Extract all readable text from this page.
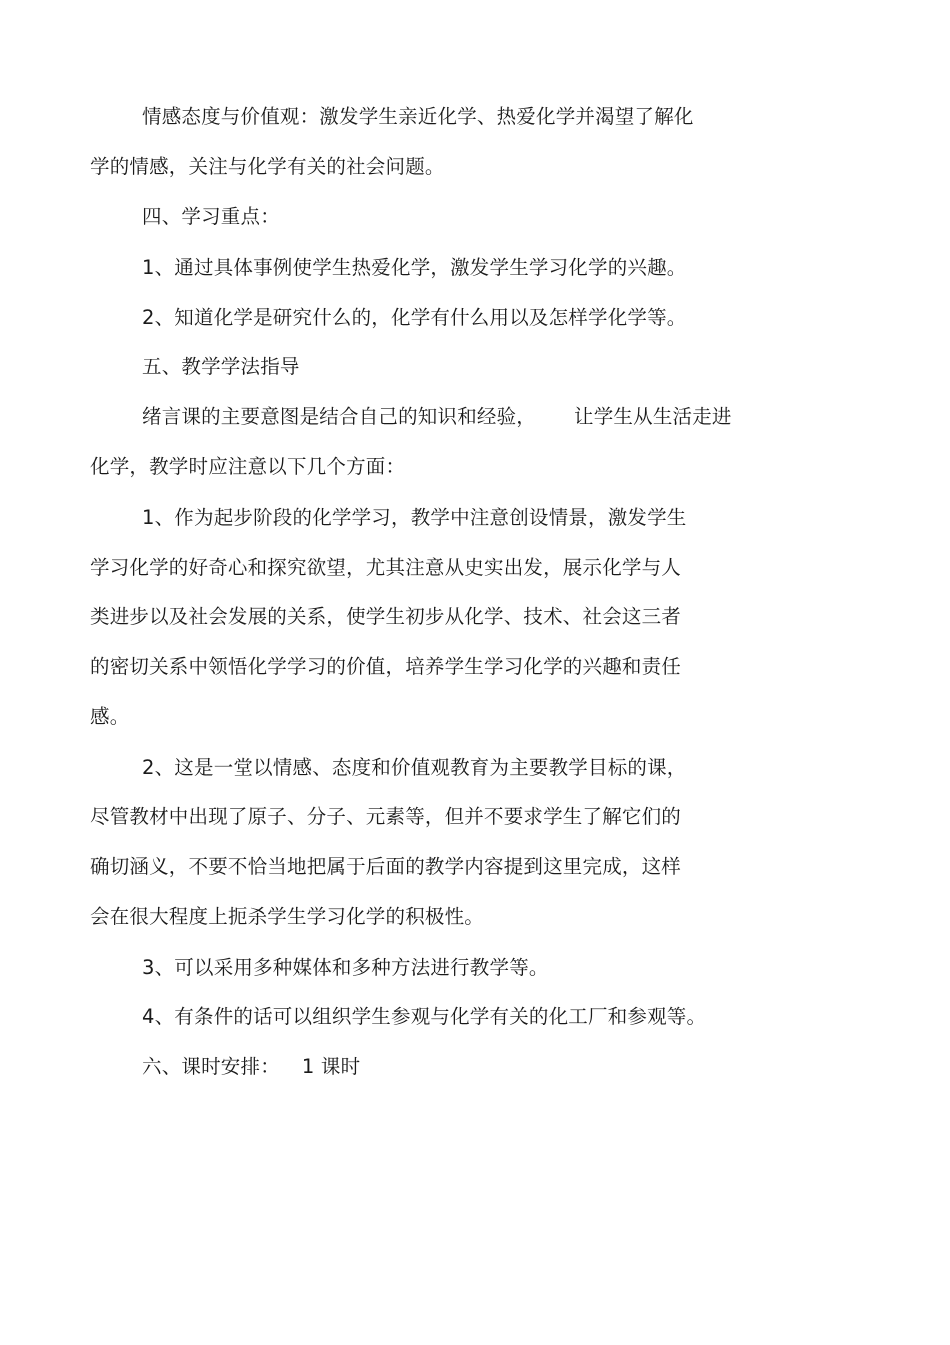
情感态度与价值观：激发学生亲近化学、热爱化学并渴望了解化
学的情感，关注与化学有关的社会问题。
四、学习重点：
1、通过具体事例使学生热爱化学，激发学生学习化学的兴趣。
2、知道化学是研究什么的，化学有什么用以及怎样学化学等。
五、教学学法指导
绪言课的主要意图是结合自己的知识和经验， 让学生从生活走进
化学，教学时应注意以下几个方面：
1、作为起步阶段的化学学习，教学中注意创设情景，激发学生
学习化学的好奇心和探究欲望，尤其注意从史实出发，展示化学与人
类进步以及社会发展的关系，使学生初步从化学、技术、社会这三者
的密切关系中领悟化学学习的价值，培养学生学习化学的兴趣和责任
感。
2、这是一堂以情感、态度和价值观教育为主要教学目标的课，
尽管教材中出现了原子、分子、元素等，但并不要求学生了解它们的
确切涵义，不要不恰当地把属于后面的教学内容提到这里完成，这样
会在很大程度上扼杀学生学习化学的积极性。
3、可以采用多种媒体和多种方法进行教学等。
4、有条件的话可以组织学生参观与化学有关的化工厂和参观等。
六、课时安排： 1 课时
